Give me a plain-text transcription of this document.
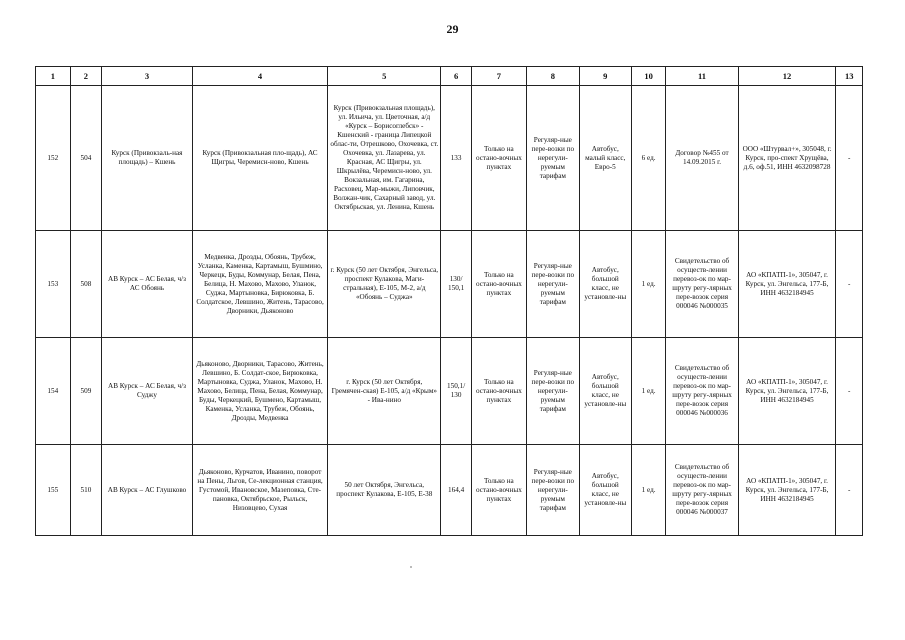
29
1	2	3	4	5	6	7	8	9	10	11	12	13
152	504	Курск (Привокзаль-ная площадь) – Кшень	Курск (Привокзальная пло-щадь), АС Щигры, Черемисн-ново, Кшень	Курск (Привокзальная площадь), ул. Ильича, ул. Цветочная, а/д «Курск – Борисоглебск» - Кшенский - граница Липецкой облас-ти, Отрешково, Охочевка, ст. Охочевка, ул. Лазарева, ул. Красная, АС Щигры, ул. Шкрылёва, Черемисн-ново, ул. Вокзальная, им. Гагарина, Расховец, Мар-мыжи, Липовчик, Волжан-чик, Сахарный завод, ул. Октябрьская, ул. Ленина, Кшень	133	Только на остано-вочных пунктах	Регуляр-ные пере-возки по нерегули-руемым тарифам	Автобус, малый класс, Евро-5	6 ед.	Договор №455 от 14.09.2015 г.	ООО «Штурвал+», 305048, г. Курск, про-спект Хрущёва, д.6, оф.51, ИНН 4632098728	-
153	508	АВ Курск – АС Белая, ч/з АС Обоянь	Медвенка, Дрозды, Обоянь, Трубеж, Усланка, Каменка, Картамыш, Бушмино, Черкецк, Буды, Коммунар, Белая, Пена, Белица, Н. Махово, Махово, Уланок, Суджа, Мартыновка, Бирюковка, Б. Солдатское, Левшино, Житень, Тарасово, Дворники, Дьяконово	г. Курск (50 лет Октября, Энгельса, проспект Кулакова, Маги-стральная), Е-105, М-2, а/д «Обоянь – Суджа»	130/ 150,1	Только на остано-вочных пунктах	Регуляр-ные пере-возки по нерегули-руемым тарифам	Автобус, большой класс, не установле-ны	1 ед.	Свидетельство об осуществ-лении перевоз-ок по мар-шруту регу-лярных пере-возок серия 000046 №000035	АО «КПАТП-1», 305047, г. Курск, ул. Энгельса, 177-Б, ИНН 4632184945	-
154	509	АВ Курск – АС Белая, ч/з Суджу	Дьяконово, Дворники, Тарасово, Житень, Левшино, Б. Солдат-ское, Бирюковка, Мартыновка, Суджа, Уланок, Махово, Н. Махово, Белица, Пена, Белая, Коммунар, Буды, Черкецкий, Бушмено, Картамыш, Каменка, Усланка, Трубеж, Обоянь, Дрозды, Медвенка	г. Курск (50 лет Октября, Гремячен-ская) Е-105, а/д «Крым» - Ива-нино	150,1/ 130	Только на остано-вочных пунктах	Регуляр-ные пере-возки по нерегули-руемым тарифам	Автобус, большой класс, не установле-ны	1 ед.	Свидетельство об осуществ-лении перевоз-ок по мар-шруту регу-лярных пере-возок серия 000046 №000036	АО «КПАТП-1», 305047, г. Курск, ул. Энгельса, 177-Б, ИНН 4632184945	-
155	510	АВ Курск – АС Глушково	Дьяконово, Курчатов, Иванино, поворот на Пены, Льгов, Се-лекционная станция, Густомой, Ивановское, Мазеповка, Сте-пановка, Октябрьское, Рыльск, Низовцево, Сухая	50 лет Октября, Энгельса, проспект Кулакова, Е-105, Е-38	164,4	Только на остано-вочных пунктах	Регуляр-ные пере-возки по нерегули-руемым тарифам	Автобус, большой класс, не установле-ны	1 ед.	Свидетельство об осуществ-лении перевоз-ок по мар-шруту регу-лярных пере-возок серия 000046 №000037	АО «КПАТП-1», 305047, г. Курск, ул. Энгельса, 177-Б, ИНН 4632184945	-
